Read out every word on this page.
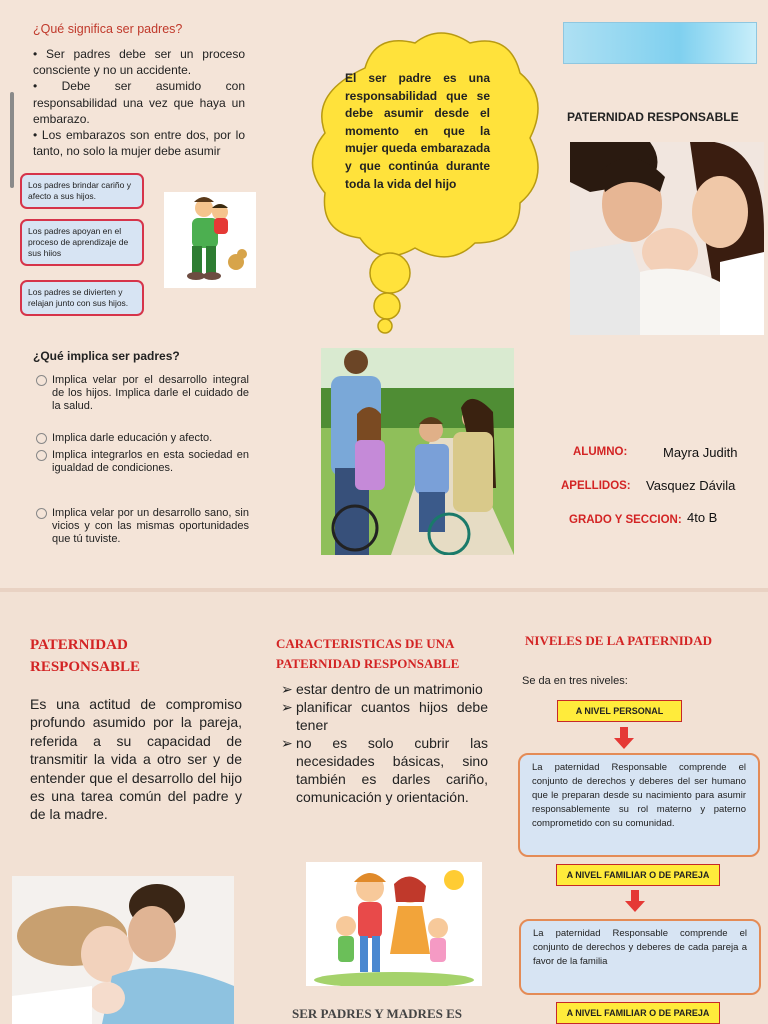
¿Qué significa ser padres?

• Ser padres debe ser un proceso consciente y no un accidente.

• Debe ser asumido con responsabilidad una vez que haya un embarazo.

• Los embarazos son entre dos, por lo tanto, no solo la mujer debe asumir

Los padres brindar cariño y afecto a sus hijos.
Los padres apoyan en el proceso de aprendizaje de sus hiios
Los padres se divierten y relajan junto con sus hijos.
¿Qué implica ser padres?
Implica velar por el desarrollo integral de los hijos. Implica darle el cuidado de la salud.
Implica darle educación y afecto.
Implica integrarlos en esta sociedad en igualdad de condiciones.
Implica velar por un desarrollo sano, sin vicios y con las mismas oportunidades que tú tuviste.
El ser padre es una responsabilidad que se debe asumir desde el momento en que la mujer queda embarazada y que continúa durante toda la vida del hijo
PATERNIDAD RESPONSABLE
ALUMNO:	Mayra Judith
APELLIDOS: Vasquez Dávila
GRADO Y SECCION: 4to B
PATERNIDAD RESPONSABLE
Es una actitud de compromiso profundo asumido por la pareja, referida a su capacidad de transmitir la vida a otro ser y de entender que el desarrollo del hijo es una tarea común del padre y de la madre.
CARACTERISTICAS DE UNA PATERNIDAD RESPONSABLE
➢ estar dentro de un matrimonio
➢ planificar cuantos hijos debe tener
➢ no es solo cubrir las necesidades básicas, sino también es darles cariño, comunicación y orientación.
SER PADRES Y MADRES ES
NIVELES DE LA PATERNIDAD
Se da en tres niveles:
A NIVEL PERSONAL
La paternidad Responsable comprende el conjunto de derechos y deberes del ser humano que le preparan desde su nacimiento para asumir responsablemente su rol materno y paterno comprometido con su comunidad.
A NIVEL FAMILIAR O DE PAREJA
La paternidad Responsable comprende el conjunto de derechos y deberes de cada pareja a favor de la familia
A NIVEL FAMILIAR O DE PAREJA
